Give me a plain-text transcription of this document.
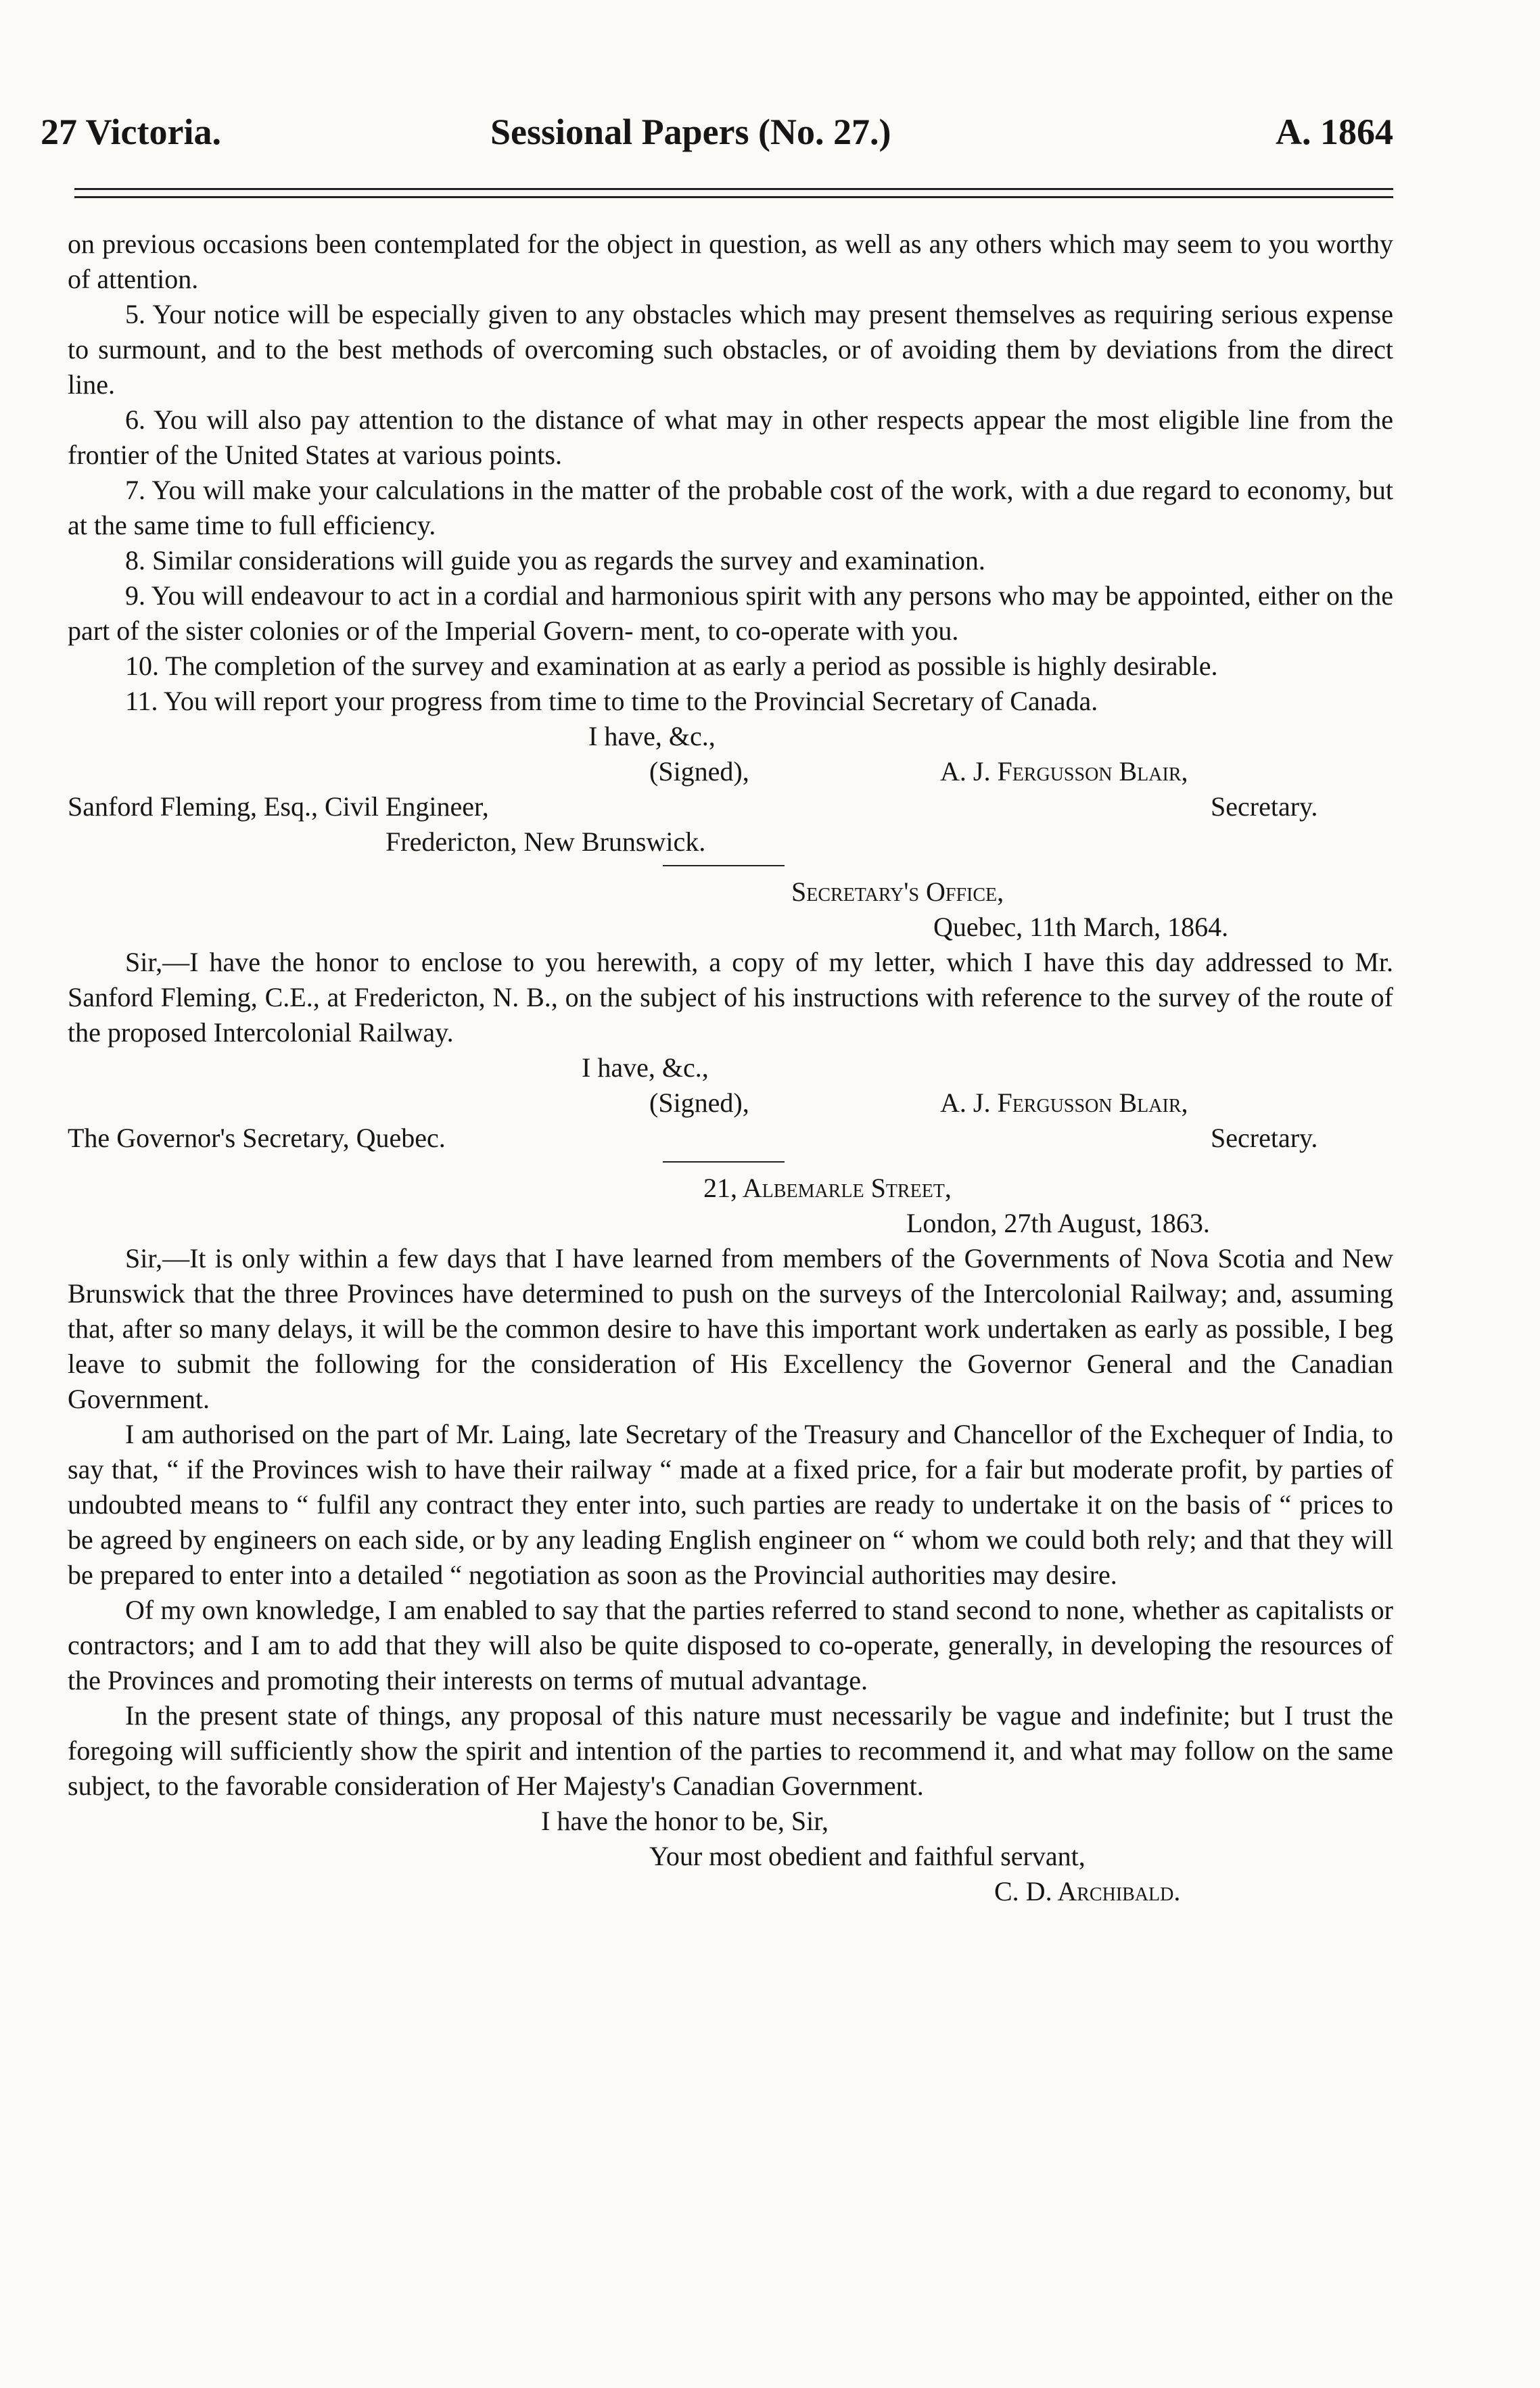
27 Victoria.	Sessional Papers (No. 27.)	A. 1864

on previous occasions been contemplated for the object in question, as well as any others which may seem to you worthy of attention.

5. Your notice will be especially given to any obstacles which may present themselves as requiring serious expense to surmount, and to the best methods of overcoming such obstacles, or of avoiding them by deviations from the direct line.

6. You will also pay attention to the distance of what may in other respects appear the most eligible line from the frontier of the United States at various points.

7. You will make your calculations in the matter of the probable cost of the work, with a due regard to economy, but at the same time to full efficiency.

8. Similar considerations will guide you as regards the survey and examination.

9. You will endeavour to act in a cordial and harmonious spirit with any persons who may be appointed, either on the part of the sister colonies or of the Imperial Govern- ment, to co-operate with you.

10. The completion of the survey and examination at as early a period as possible is highly desirable.

11. You will report your progress from time to time to the Provincial Secretary of Canada.

I have, &c.,
(Signed),	A. J. Fergusson Blair,
Sanford Fleming, Esq., Civil Engineer,	Secretary.
Fredericton, New Brunswick.
Secretary's Office,
Quebec, 11th March, 1864.

Sir,—I have the honor to enclose to you herewith, a copy of my letter, which I have this day addressed to Mr. Sanford Fleming, C.E., at Fredericton, N. B., on the subject of his instructions with reference to the survey of the route of the proposed Intercolonial Railway.

I have, &c.,
(Signed),	A. J. Fergusson Blair,
The Governor's Secretary, Quebec.	Secretary.
21, Albemarle Street,
London, 27th August, 1863.

Sir,—It is only within a few days that I have learned from members of the Governments of Nova Scotia and New Brunswick that the three Provinces have determined to push on the surveys of the Intercolonial Railway; and, assuming that, after so many delays, it will be the common desire to have this important work undertaken as early as possible, I beg leave to submit the following for the consideration of His Excellency the Governor General and the Canadian Government.

I am authorised on the part of Mr. Laing, late Secretary of the Treasury and Chancellor of the Exchequer of India, to say that, “ if the Provinces wish to have their railway “ made at a fixed price, for a fair but moderate profit, by parties of undoubted means to “ fulfil any contract they enter into, such parties are ready to undertake it on the basis of “ prices to be agreed by engineers on each side, or by any leading English engineer on “ whom we could both rely; and that they will be prepared to enter into a detailed “ negotiation as soon as the Provincial authorities may desire.

Of my own knowledge, I am enabled to say that the parties referred to stand second to none, whether as capitalists or contractors; and I am to add that they will also be quite disposed to co-operate, generally, in developing the resources of the Provinces and promoting their interests on terms of mutual advantage.

In the present state of things, any proposal of this nature must necessarily be vague and indefinite; but I trust the foregoing will sufficiently show the spirit and intention of the parties to recommend it, and what may follow on the same subject, to the favorable consideration of Her Majesty's Canadian Government.

I have the honor to be, Sir,
Your most obedient and faithful servant,
C. D. Archibald.
